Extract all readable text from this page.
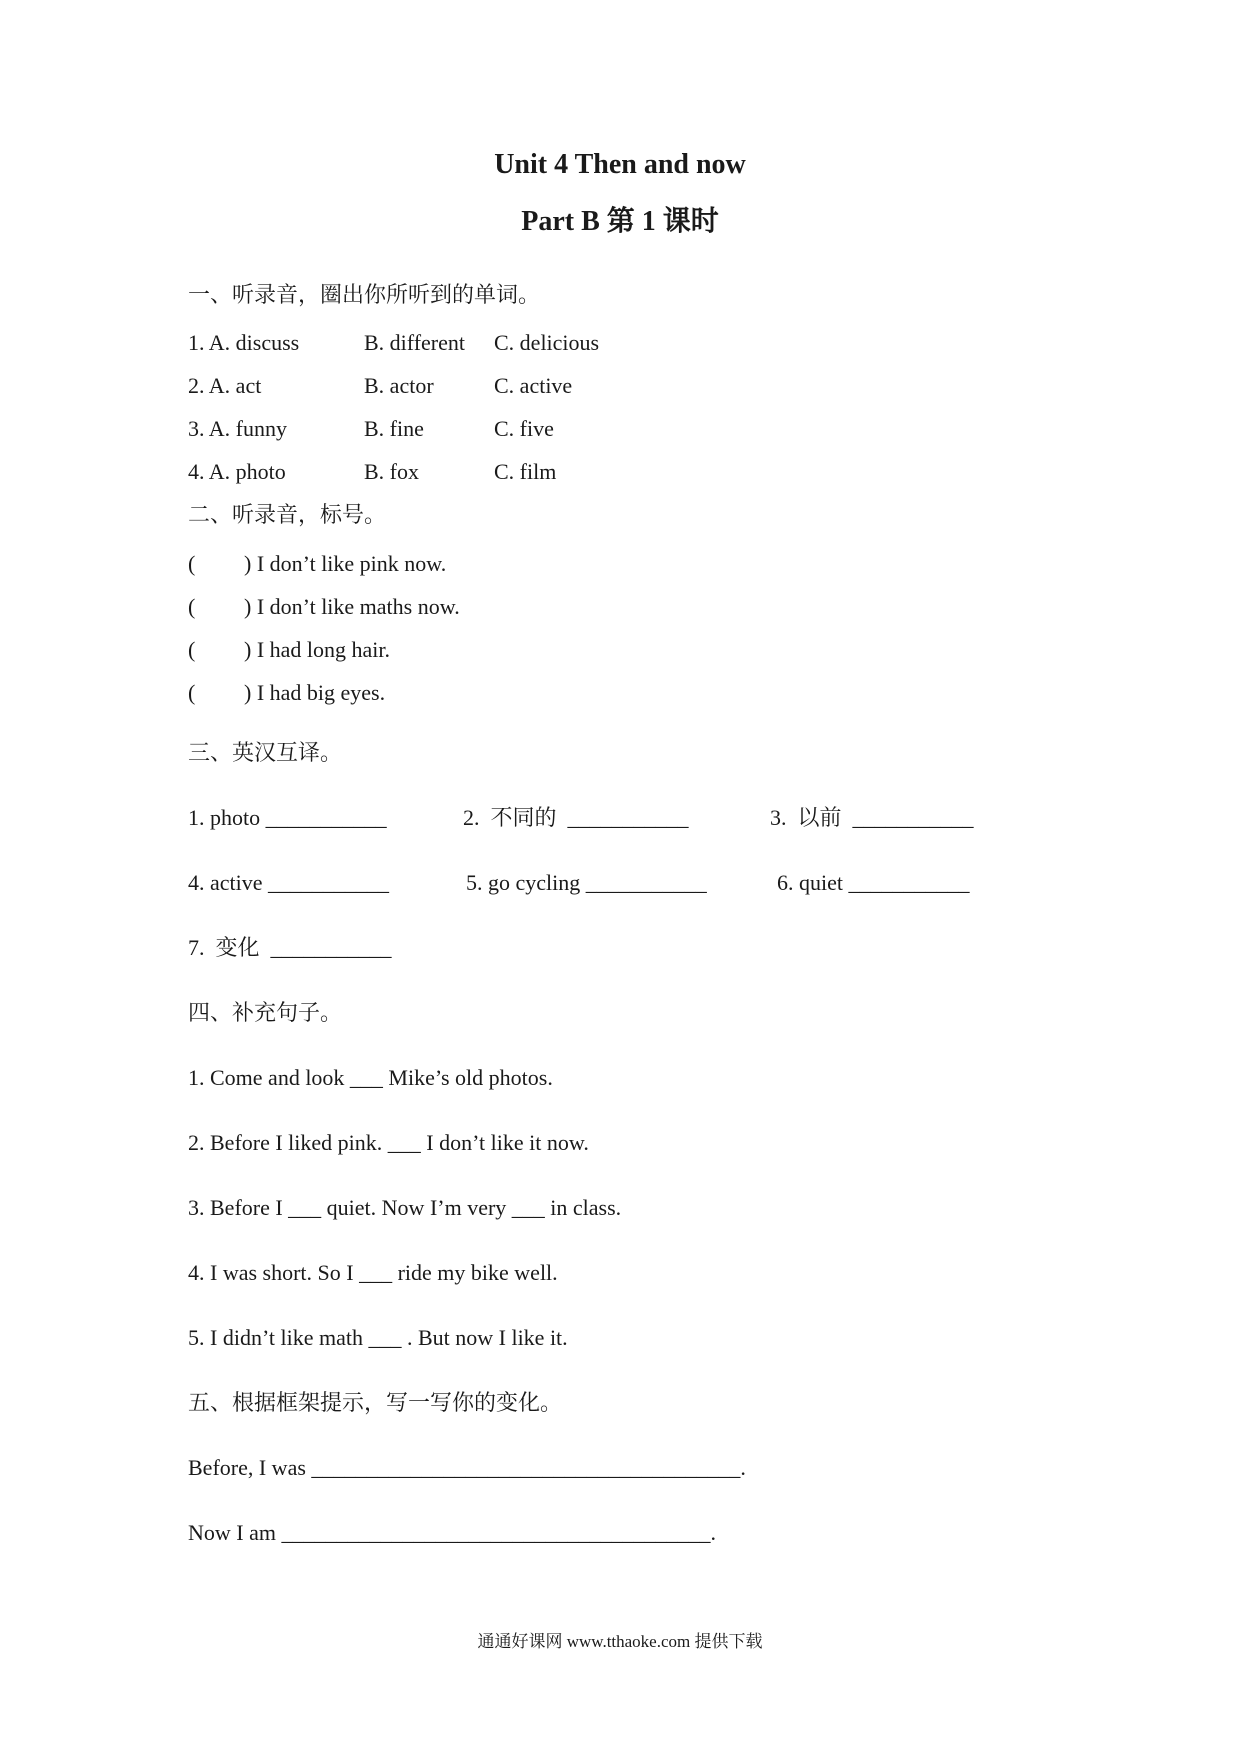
Unit 4 Then and now
Part B 第 1 课时
一、听录音，圈出你所听到的单词。
1. A. discuss	B. different C. delicious
2. A. act	B. actor	C. active
3. A. funny	B. fine	C. five
4. A. photo	B. fox	C. film
二、听录音，标号。
( ) I don’t like pink now.
( ) I don’t like maths now.
( ) I had long hair.
( ) I had big eyes.
三、英汉互译。
1. photo ___________	2.  不同的  ___________	3.  以前  ___________
4. active ___________	5. go cycling ___________	6. quiet ___________
7.  变化  ___________
四、补充句子。
1. Come and look ___ Mike’s old photos.
2. Before I liked pink. ___ I don’t like it now.
3. Before I ___ quiet. Now I’m very ___ in class.
4. I was short. So I ___ ride my bike well.
5. I didn’t like math ___ . But now I like it.
五、根据框架提示，写一写你的变化。
Before, I was _______________________________________.
Now I am _______________________________________.
通通好课网 www.tthaoke.com 提供下载
